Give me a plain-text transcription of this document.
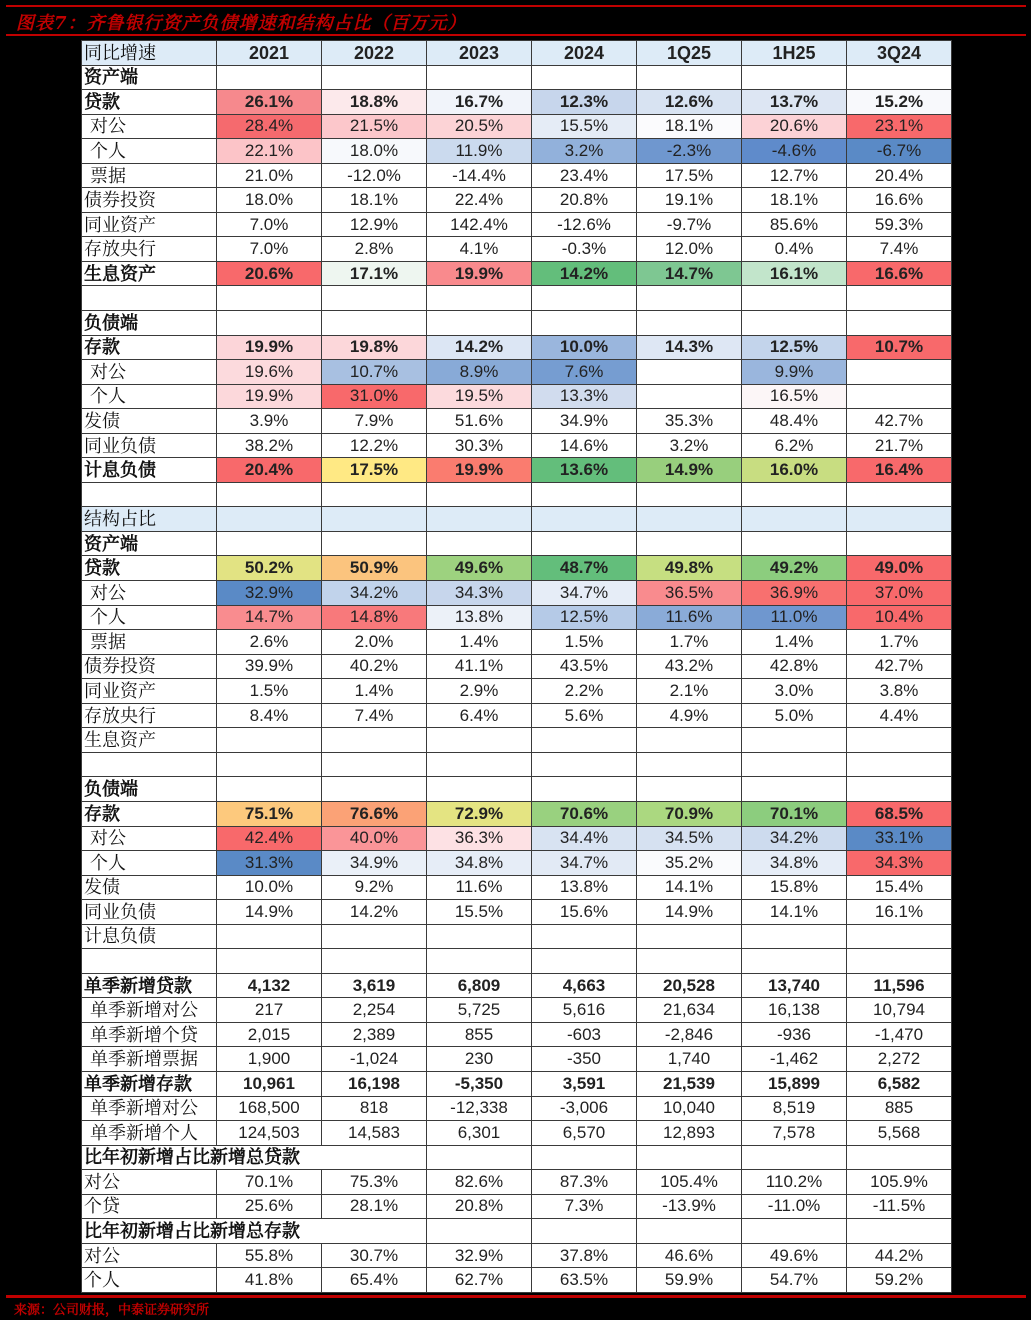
图表7：齐鲁银行资产负债增速和结构占比（百万元）
同比增速	2021	2022	2023	2024	1Q25	1H25	3Q24
资产端							
贷款	26.1%	18.8%	16.7%	12.3%	12.6%	13.7%	15.2%
对公	28.4%	21.5%	20.5%	15.5%	18.1%	20.6%	23.1%
个人	22.1%	18.0%	11.9%	3.2%	-2.3%	-4.6%	-6.7%
票据	21.0%	-12.0%	-14.4%	23.4%	17.5%	12.7%	20.4%
债券投资	18.0%	18.1%	22.4%	20.8%	19.1%	18.1%	16.6%
同业资产	7.0%	12.9%	142.4%	-12.6%	-9.7%	85.6%	59.3%
存放央行	7.0%	2.8%	4.1%	-0.3%	12.0%	0.4%	7.4%
生息资产	20.6%	17.1%	19.9%	14.2%	14.7%	16.1%	16.6%

负债端							
存款	19.9%	19.8%	14.2%	10.0%	14.3%	12.5%	10.7%
对公	19.6%	10.7%	8.9%	7.6%		9.9%	
个人	19.9%	31.0%	19.5%	13.3%		16.5%	
发债	3.9%	7.9%	51.6%	34.9%	35.3%	48.4%	42.7%
同业负债	38.2%	12.2%	30.3%	14.6%	3.2%	6.2%	21.7%
计息负债	20.4%	17.5%	19.9%	13.6%	14.9%	16.0%	16.4%

结构占比							
资产端							
贷款	50.2%	50.9%	49.6%	48.7%	49.8%	49.2%	49.0%
对公	32.9%	34.2%	34.3%	34.7%	36.5%	36.9%	37.0%
个人	14.7%	14.8%	13.8%	12.5%	11.6%	11.0%	10.4%
票据	2.6%	2.0%	1.4%	1.5%	1.7%	1.4%	1.7%
债券投资	39.9%	40.2%	41.1%	43.5%	43.2%	42.8%	42.7%
同业资产	1.5%	1.4%	2.9%	2.2%	2.1%	3.0%	3.8%
存放央行	8.4%	7.4%	6.4%	5.6%	4.9%	5.0%	4.4%
生息资产							

负债端							
存款	75.1%	76.6%	72.9%	70.6%	70.9%	70.1%	68.5%
对公	42.4%	40.0%	36.3%	34.4%	34.5%	34.2%	33.1%
个人	31.3%	34.9%	34.8%	34.7%	35.2%	34.8%	34.3%
发债	10.0%	9.2%	11.6%	13.8%	14.1%	15.8%	15.4%
同业负债	14.9%	14.2%	15.5%	15.6%	14.9%	14.1%	16.1%
计息负债							

单季新增贷款	4,132	3,619	6,809	4,663	20,528	13,740	11,596
单季新增对公	217	2,254	5,725	5,616	21,634	16,138	10,794
单季新增个贷	2,015	2,389	855	-603	-2,846	-936	-1,470
单季新增票据	1,900	-1,024	230	-350	1,740	-1,462	2,272
单季新增存款	10,961	16,198	-5,350	3,591	21,539	15,899	6,582
单季新增对公	168,500	818	-12,338	-3,006	10,040	8,519	885
单季新增个人	124,503	14,583	6,301	6,570	12,893	7,578	5,568
比年初新增占比新增总贷款							
对公	70.1%	75.3%	82.6%	87.3%	105.4%	110.2%	105.9%
个贷	25.6%	28.1%	20.8%	7.3%	-13.9%	-11.0%	-11.5%
比年初新增占比新增总存款							
对公	55.8%	30.7%	32.9%	37.8%	46.6%	49.6%	44.2%
个人	41.8%	65.4%	62.7%	63.5%	59.9%	54.7%	59.2%
来源：公司财报，中泰证券研究所
